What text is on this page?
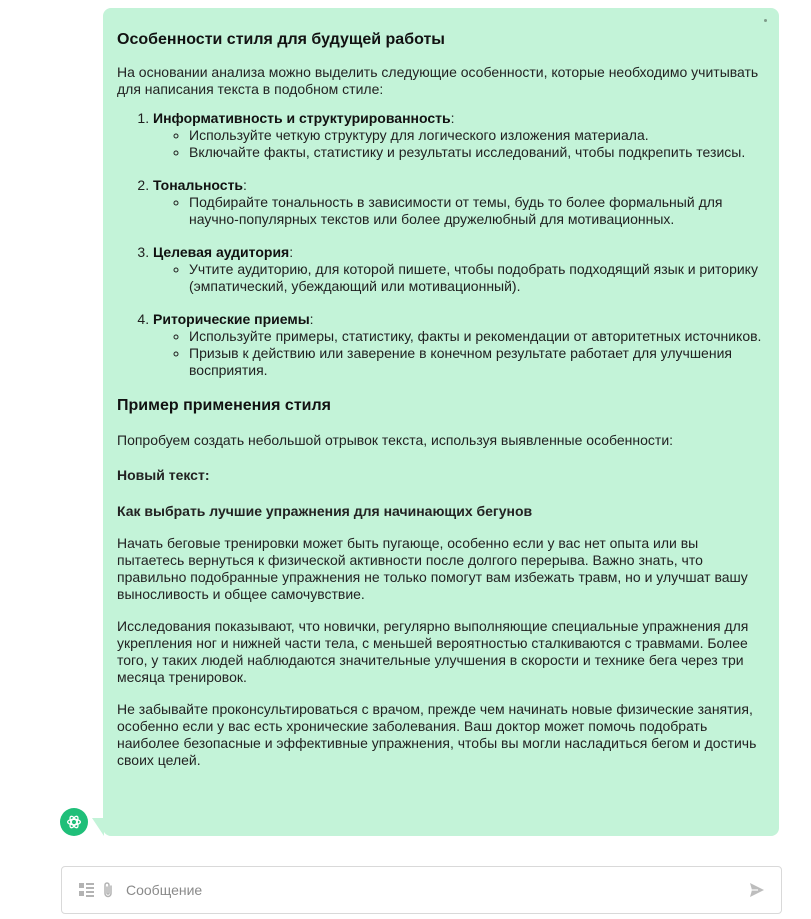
Особенности стиля для будущей работы

На основании анализа можно выделить следующие особенности, которые необходимо учитывать для написания текста в подобном стиле:

1. Информативность и структурированность:
◦ Используйте четкую структуру для логического изложения материала.
◦ Включайте факты, статистику и результаты исследований, чтобы подкрепить тезисы.
2. Тональность:
◦ Подбирайте тональность в зависимости от темы, будь то более формальный для научно-популярных текстов или более дружелюбный для мотивационных.
3. Целевая аудитория:
◦ Учтите аудиторию, для которой пишете, чтобы подобрать подходящий язык и риторику (эмпатический, убеждающий или мотивационный).
4. Риторические приемы:
◦ Используйте примеры, статистику, факты и рекомендации от авторитетных источников.
◦ Призыв к действию или заверение в конечном результате работает для улучшения восприятия.
Пример применения стиля

Попробуем создать небольшой отрывок текста, используя выявленные особенности:

Новый текст:

Как выбрать лучшие упражнения для начинающих бегунов

Начать беговые тренировки может быть пугающе, особенно если у вас нет опыта или вы пытаетесь вернуться к физической активности после долгого перерыва. Важно знать, что правильно подобранные упражнения не только помогут вам избежать травм, но и улучшат вашу выносливость и общее самочувствие.

Исследования показывают, что новички, регулярно выполняющие специальные упражнения для укрепления ног и нижней части тела, с меньшей вероятностью сталкиваются с травмами. Более того, у таких людей наблюдаются значительные улучшения в скорости и технике бега через три месяца тренировок.

Не забывайте проконсультироваться с врачом, прежде чем начинать новые физические занятия, особенно если у вас есть хронические заболевания. Ваш доктор может помочь подобрать наиболее безопасные и эффективные упражнения, чтобы вы могли насладиться бегом и достичь своих целей.

Сообщение
